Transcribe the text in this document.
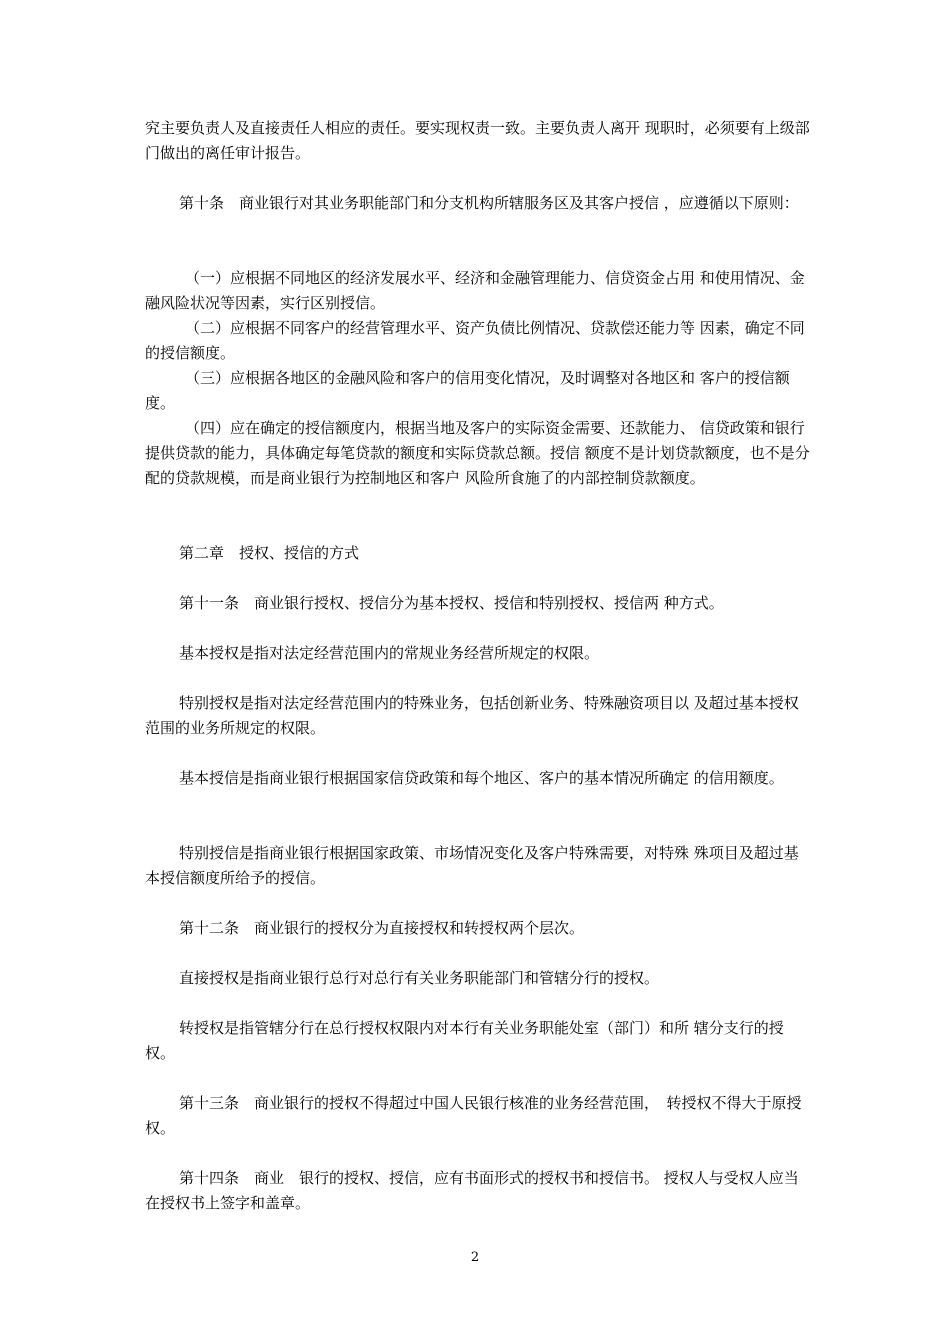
究主要负责人及直接责任人相应的责任。要实现权责一致。主要负责人离开 现职时，必须要有上级部门做出的离任审计报告。

第十条　商业银行对其业务职能部门和分支机构所辖服务区及其客户授信 ，应遵循以下原则：

（一）应根据不同地区的经济发展水平、经济和金融管理能力、信贷资金占用 和使用情况、金融风险状况等因素，实行区别授信。

（二）应根据不同客户的经营管理水平、资产负债比例情况、贷款偿还能力等 因素，确定不同的授信额度。

（三）应根据各地区的金融风险和客户的信用变化情况，及时调整对各地区和 客户的授信额度。

（四）应在确定的授信额度内，根据当地及客户的实际资金需要、还款能力、 信贷政策和银行提供贷款的能力，具体确定每笔贷款的额度和实际贷款总额。授信 额度不是计划贷款额度，也不是分配的贷款规模，而是商业银行为控制地区和客户 风险所食施了的内部控制贷款额度。

第二章　授权、授信的方式

第十一条　商业银行授权、授信分为基本授权、授信和特别授权、授信两 种方式。

基本授权是指对法定经营范围内的常规业务经营所规定的权限。

特别授权是指对法定经营范围内的特殊业务，包括创新业务、特殊融资项目以 及超过基本授权范围的业务所规定的权限。

基本授信是指商业银行根据国家信贷政策和每个地区、客户的基本情况所确定 的信用额度。

特别授信是指商业银行根据国家政策、市场情况变化及客户特殊需要，对特殊 殊项目及超过基本授信额度所给予的授信。

第十二条　商业银行的授权分为直接授权和转授权两个层次。

直接授权是指商业银行总行对总行有关业务职能部门和管辖分行的授权。

转授权是指管辖分行在总行授权权限内对本行有关业务职能处室（部门）和所 辖分支行的授权。

第十三条　商业银行的授权不得超过中国人民银行核准的业务经营范围，　转授权不得大于原授权。

第十四条　商业　银行的授权、授信，应有书面形式的授权书和授信书。 授权人与受权人应当在授权书上签字和盖章。

2
